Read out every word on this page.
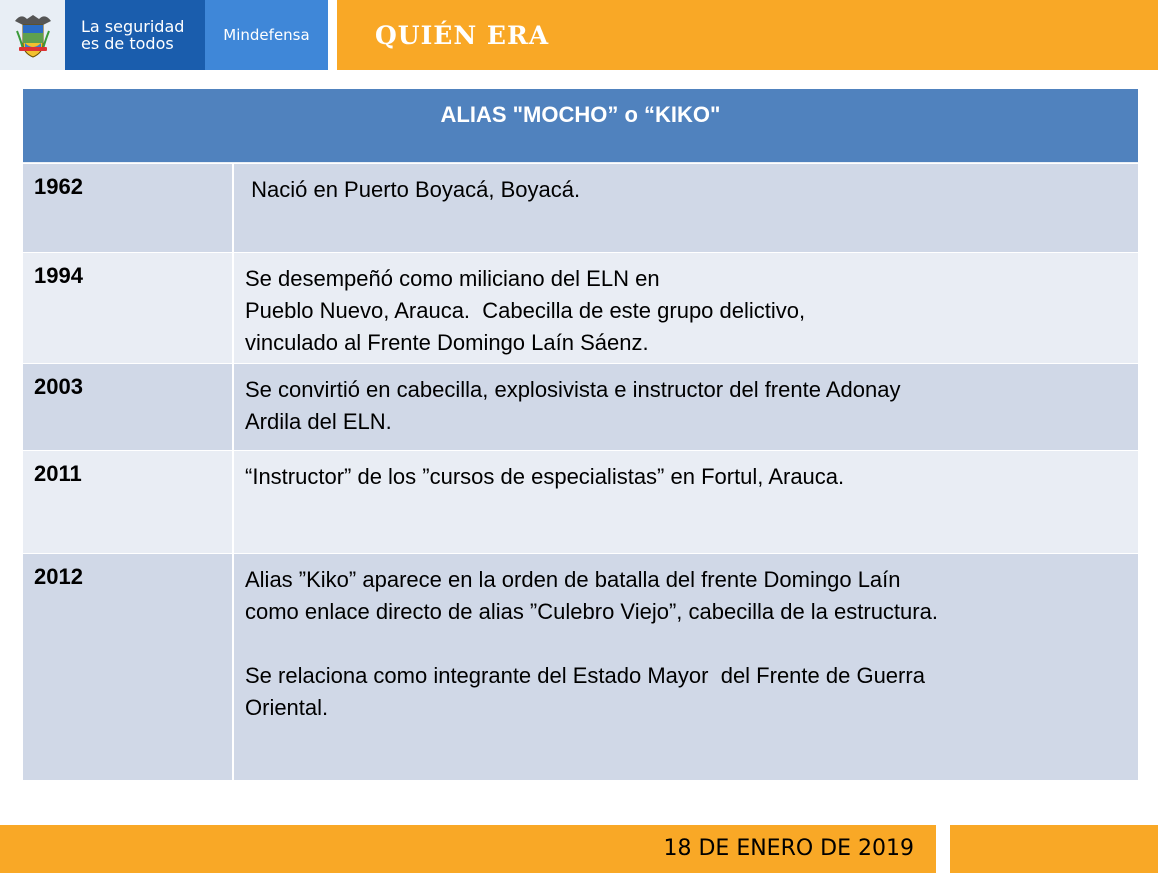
La seguridad
es de todos	Mindefensa	QUIÉN ERA
ALIAS "MOCHO” o “KIKO"
1962	Nació en Puerto Boyacá, Boyacá.
1994	Se desempeñó como miliciano del ELN en
Pueblo Nuevo, Arauca.  Cabecilla de este grupo delictivo,
vinculado al Frente Domingo Laín Sáenz.
2003	Se convirtió en cabecilla, explosivista e instructor del frente Adonay
Ardila del ELN.
2011	“Instructor” de los ”cursos de especialistas” en Fortul, Arauca.
2012	Alias ”Kiko” aparece en la orden de batalla del frente Domingo Laín
como enlace directo de alias ”Culebro Viejo”, cabecilla de la estructura.
Se relaciona como integrante del Estado Mayor  del Frente de Guerra
Oriental.
18 DE ENERO DE 2019
